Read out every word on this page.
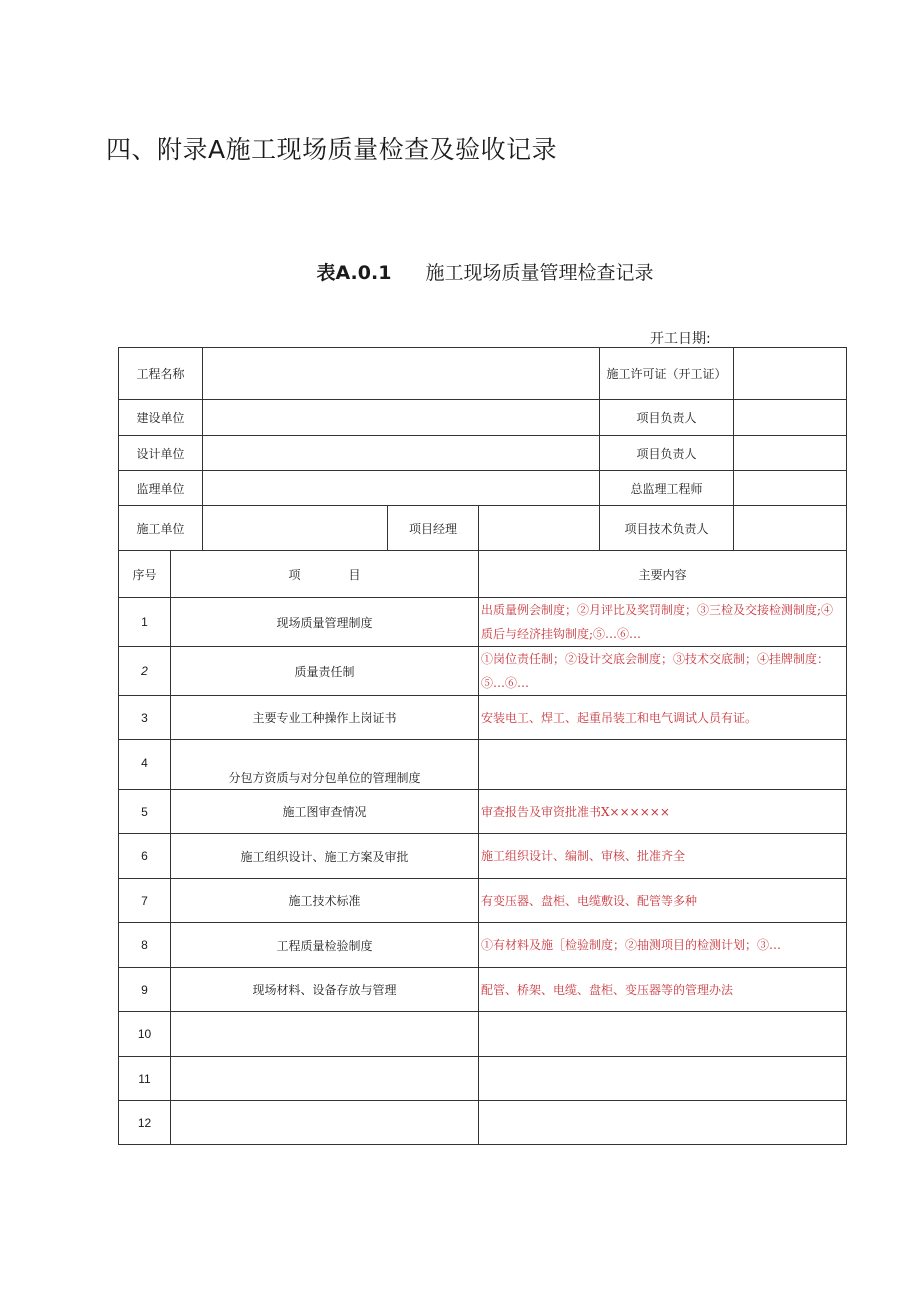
四、附录A施工现场质量检查及验收记录
表A.0.1 施工现场质量管理检查记录
开工日期:
工程名称					施工许可证（开工证）	
建设单位					项目负责人	
设计单位					项目负责人	
监理单位					总监理工程师	
施工单位			项目经理		项目技术负责人	
序号	项　　　　目			主要内容		
1	现场质量管理制度			出质量例会制度；②月评比及奖罚制度；③三检及交接检测制度;④质后与经济挂钩制度;⑤…⑥…		
2	质量责任制			①岗位责任制；②设计交底会制度；③技术交底制；④挂牌制度：⑤…⑥…		
3	主要专业工种操作上岗证书			安装电工、焊工、起重吊装工和电气调试人员有证。		
4	分包方资质与对分包单位的管理制度					
5	施工图审查情况			审查报告及审资批准书X××××××		
6	施工组织设计、施工方案及审批			施工组织设计、编制、审核、批准齐全		
7	施工技术标准			有变压器、盘柜、电缆敷设、配管等多种		
8	工程质量检验制度			①有材料及施［检验制度；②抽测项目的检测计划；③…		
9	现场材料、设备存放与管理			配管、桥架、电缆、盘柜、变压器等的管理办法		
10						
11						
12						
